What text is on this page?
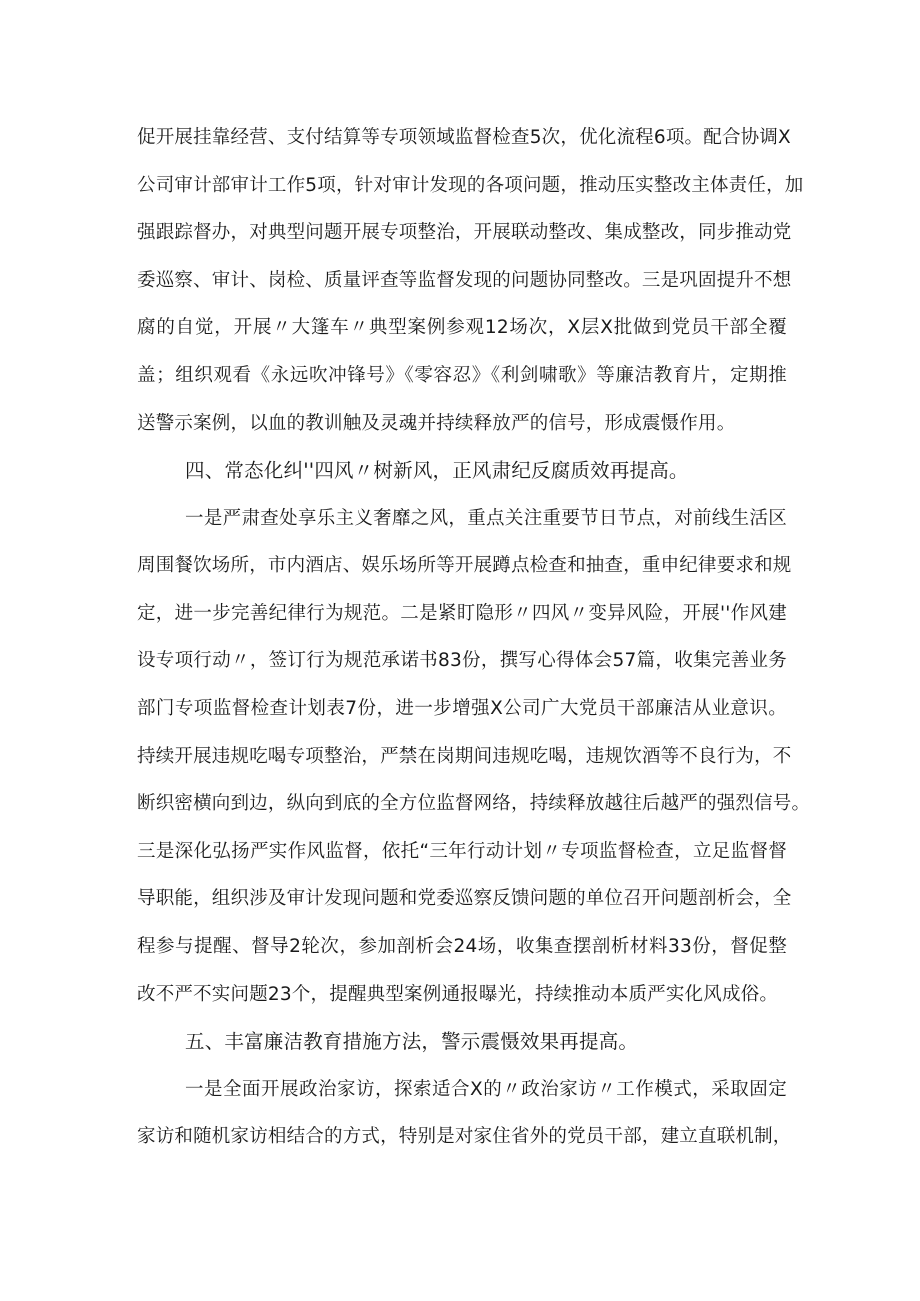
促开展挂靠经营、支付结算等专项领域监督检查5次，优化流程6项。配合协调X
公司审计部审计工作5项，针对审计发现的各项问题，推动压实整改主体责任，加
强跟踪督办，对典型问题开展专项整治，开展联动整改、集成整改，同步推动党
委巡察、审计、岗检、质量评查等监督发现的问题协同整改。三是巩固提升不想
腐的自觉，开展〃大篷车〃典型案例参观12场次，X层X批做到党员干部全覆
盖；组织观看《永远吹冲锋号》《零容忍》《利剑啸歌》等廉洁教育片，定期推
送警示案例，以血的教训触及灵魂并持续释放严的信号，形成震慑作用。
四、常态化纠''四风〃树新风，正风肃纪反腐质效再提高。
一是严肃查处享乐主义奢靡之风，重点关注重要节日节点，对前线生活区
周围餐饮场所，市内酒店、娱乐场所等开展蹲点检查和抽查，重申纪律要求和规
定，进一步完善纪律行为规范。二是紧盯隐形〃四风〃变异风险，开展''作风建
设专项行动〃，签订行为规范承诺书83份，撰写心得体会57篇，收集完善业务
部门专项监督检查计划表7份，进一步增强X公司广大党员干部廉洁从业意识。
持续开展违规吃喝专项整治，严禁在岗期间违规吃喝，违规饮酒等不良行为，不
断织密横向到边，纵向到底的全方位监督网络，持续释放越往后越严的强烈信号。
三是深化弘扬严实作风监督，依托“三年行动计划〃专项监督检查，立足监督督
导职能，组织涉及审计发现问题和党委巡察反馈问题的单位召开问题剖析会，全
程参与提醒、督导2轮次，参加剖析会24场，收集查摆剖析材料33份，督促整
改不严不实问题23个，提醒典型案例通报曝光，持续推动本质严实化风成俗。
五、丰富廉洁教育措施方法，警示震慑效果再提高。
一是全面开展政治家访，探索适合X的〃政治家访〃工作模式，采取固定
家访和随机家访相结合的方式，特别是对家住省外的党员干部，建立直联机制，
